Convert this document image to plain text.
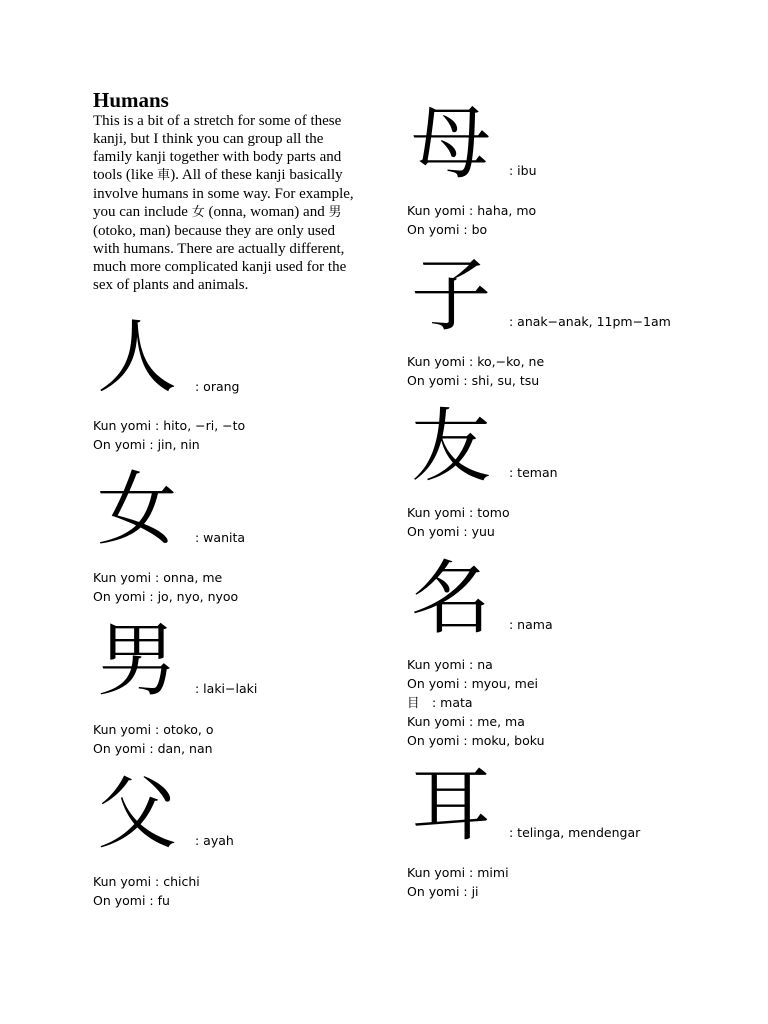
Humans
This is a bit of a stretch for some of these kanji, but I think you can group all the family kanji together with body parts and tools (like 車). All of these kanji basically involve humans in some way. For example, you can include 女 (onna, woman) and 男 (otoko, man) because they are only used with humans. There are actually different, much more complicated kanji used for the sex of plants and animals.
人 : orang
Kun yomi : hito, −ri, −to
On yomi : jin, nin
女 : wanita
Kun yomi : onna, me
On yomi : jo, nyo, nyoo
男 : laki−laki
Kun yomi : otoko, o
On yomi : dan, nan
父 : ayah
Kun yomi : chichi
On yomi : fu
母 : ibu
Kun yomi : haha, mo
On yomi : bo
子 : anak−anak, 11pm−1am
Kun yomi : ko,−ko, ne
On yomi : shi, su, tsu
友 : teman
Kun yomi : tomo
On yomi : yuu
名 : nama
Kun yomi : na
On yomi : myou, mei
目　: mata
Kun yomi : me, ma
On yomi : moku, boku
耳 : telinga, mendengar
Kun yomi : mimi
On yomi : ji
